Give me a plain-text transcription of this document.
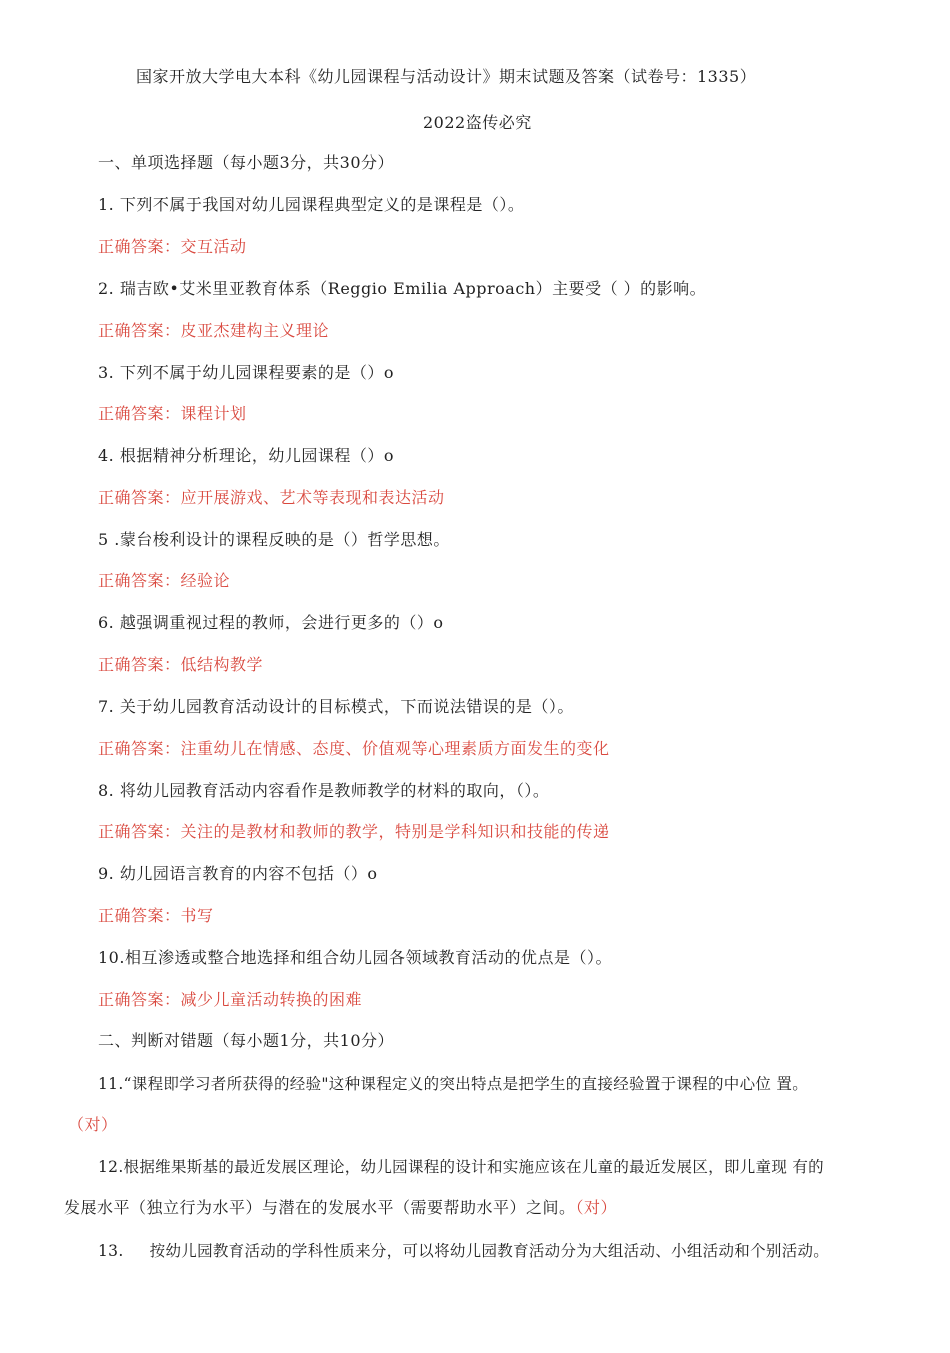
国家开放大学电大本科《幼儿园课程与活动设计》期末试题及答案（试卷号：1335）
2022盗传必究
一、单项选择题（每小题3分，共30分）
1. 下列不属于我国对幼儿园课程典型定义的是课程是（）。
正确答案：交互活动
2. 瑞吉欧•艾米里亚教育体系（Reggio Emilia Approach）主要受（ ）的影响。
正确答案：皮亚杰建构主义理论
3. 下列不属于幼儿园课程要素的是（）o
正确答案：课程计划
4. 根据精神分析理论，幼儿园课程（）o
正确答案：应开展游戏、艺术等表现和表达活动
5 .蒙台梭利设计的课程反映的是（）哲学思想。
正确答案：经验论
6. 越强调重视过程的教师，会进行更多的（）o
正确答案：低结构教学
7. 关于幼儿园教育活动设计的目标模式，下而说法错误的是（）。
正确答案：注重幼儿在情感、态度、价值观等心理素质方面发生的变化
8. 将幼儿园教育活动内容看作是教师教学的材料的取向，（）。
正确答案：关注的是教材和教师的教学，特别是学科知识和技能的传递
9. 幼儿园语言教育的内容不包括（）o
正确答案：书写
10.相互渗透或整合地选择和组合幼儿园各领域教育活动的优点是（）。
正确答案：减少儿童活动转换的困难
二、判断对错题（每小题1分，共10分）
11.“课程即学习者所获得的经验"这种课程定义的突出特点是把学生的直接经验置于课程的中心位 置。
（对）
12.根据维果斯基的最近发展区理论，幼儿园课程的设计和实施应该在儿童的最近发展区，即儿童现 有的
发展水平（独立行为水平）与潜在的发展水平（需要帮助水平）之间。（对）
13.     按幼儿园教育活动的学科性质来分，可以将幼儿园教育活动分为大组活动、小组活动和个别活动。
